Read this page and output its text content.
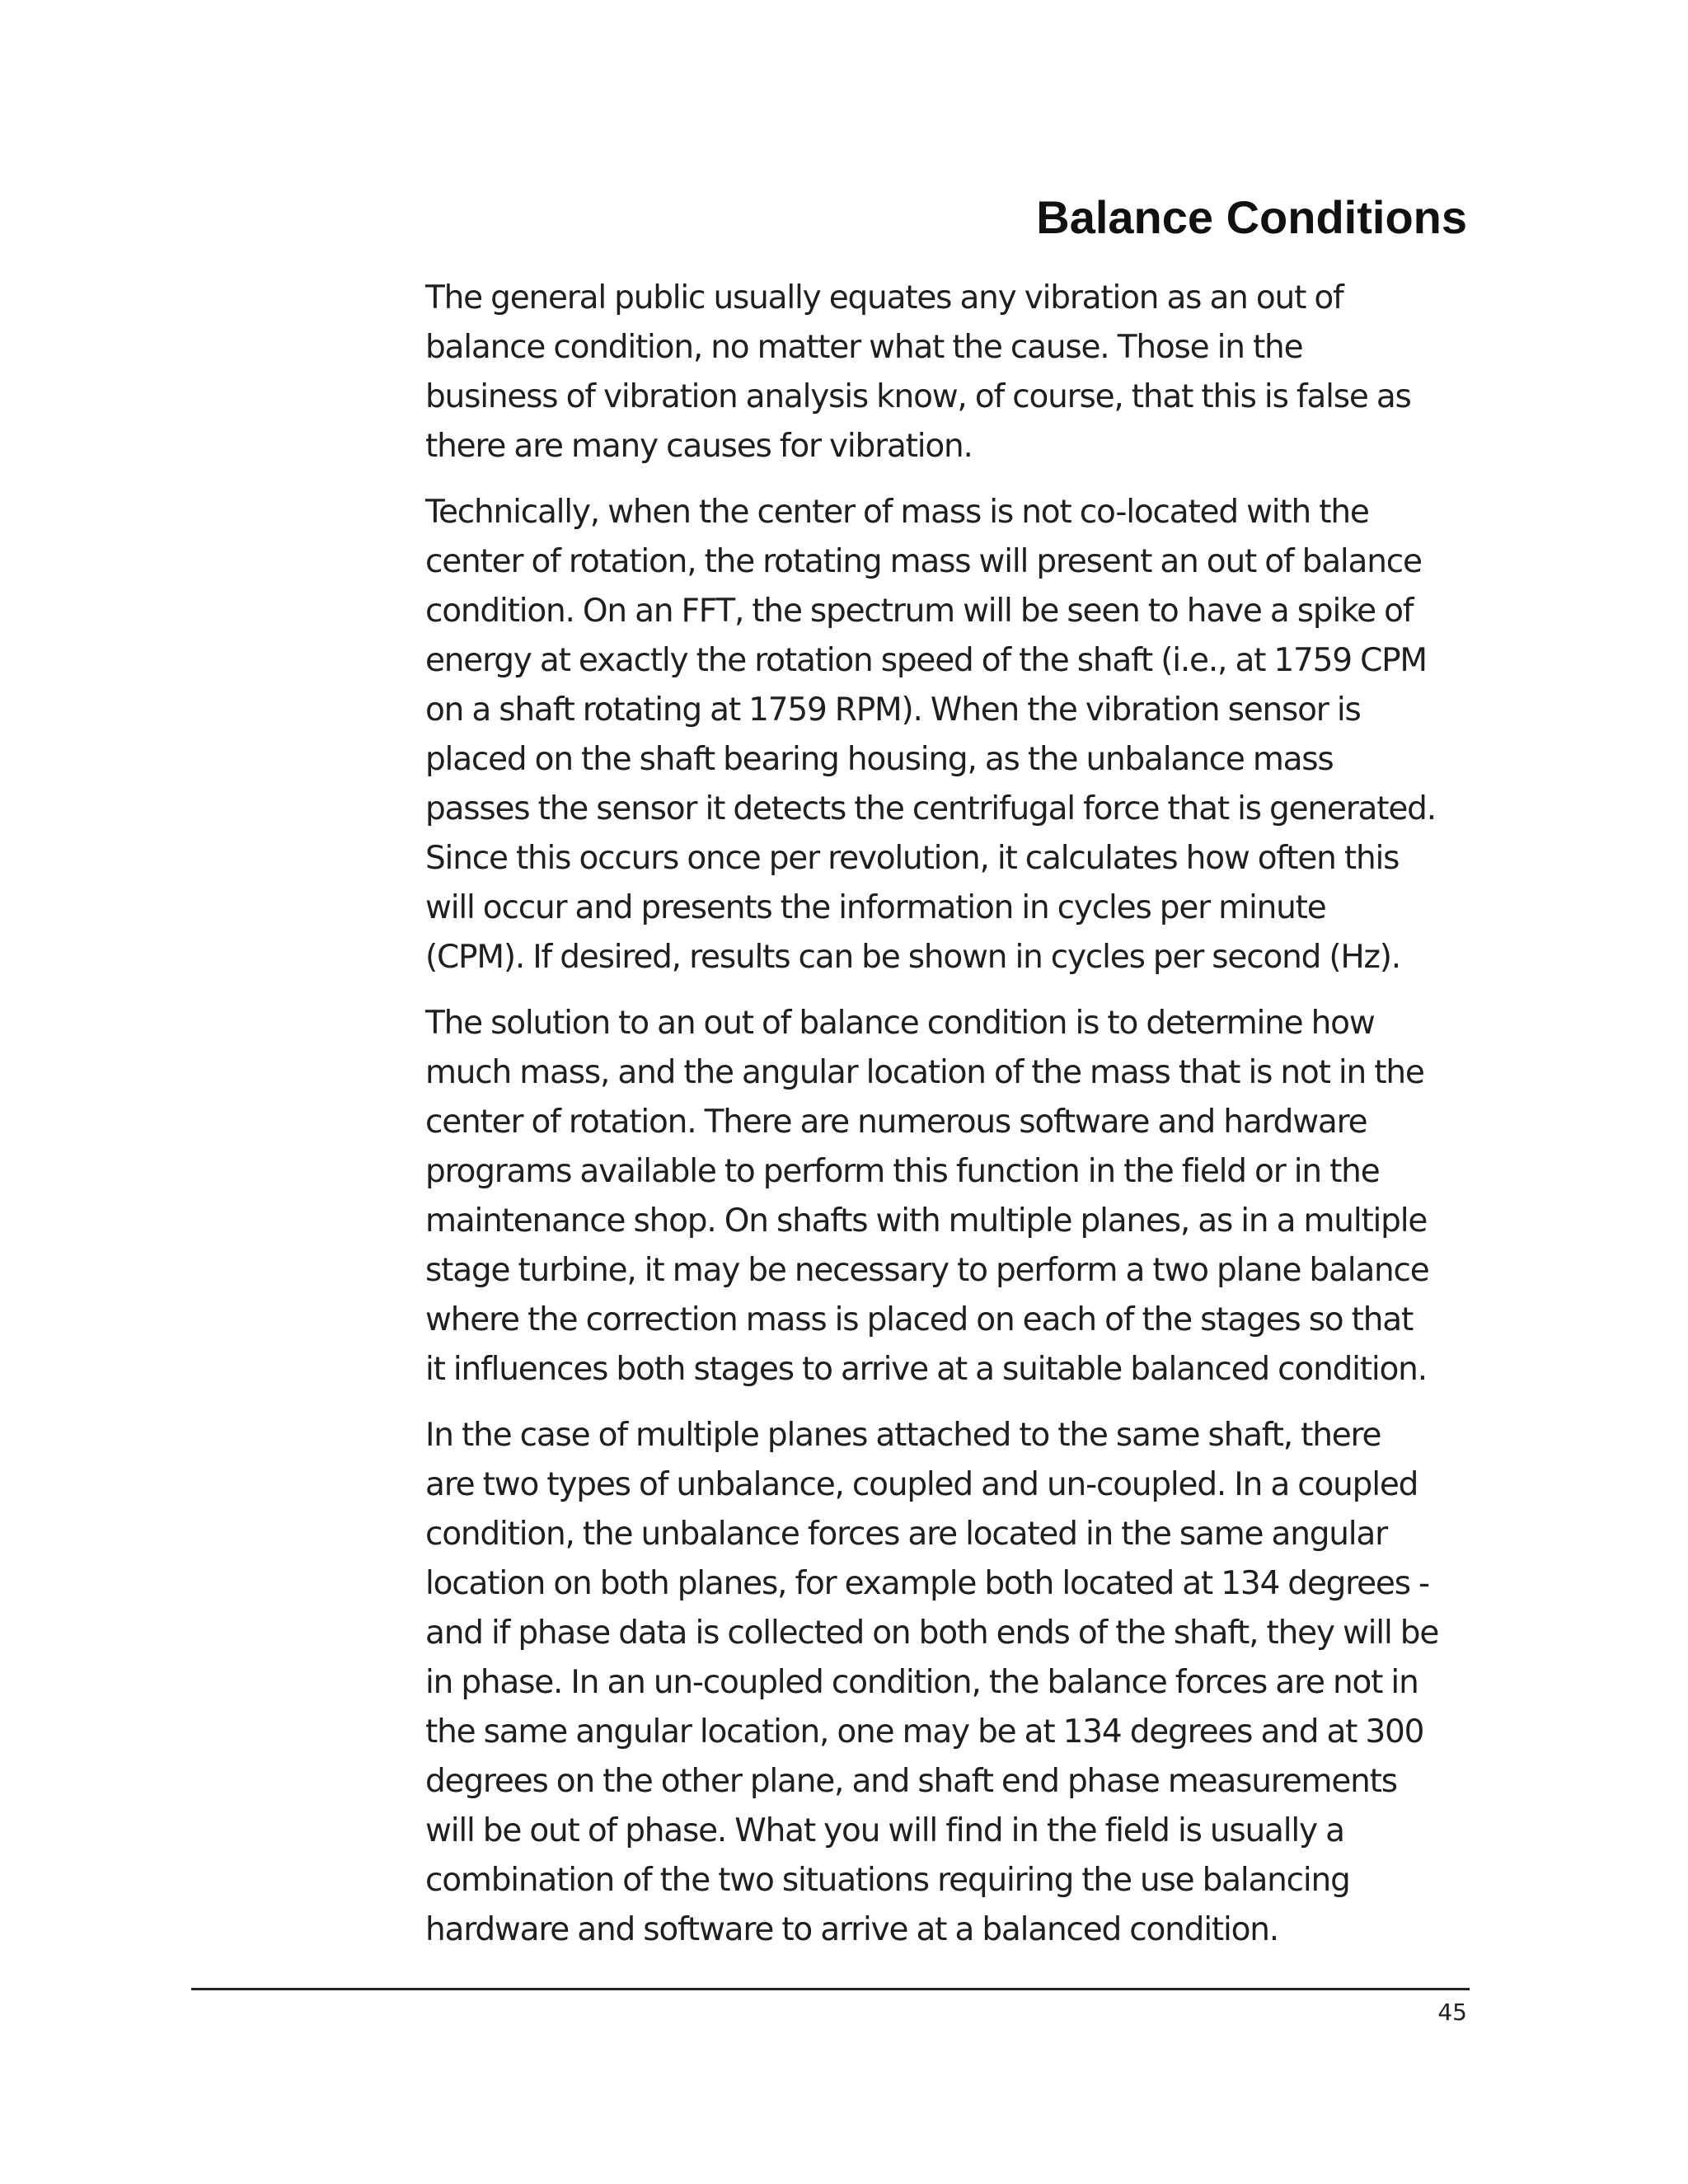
Balance Conditions

The general public usually equates any vibration as an out of
balance condition, no matter what the cause. Those in the
business of vibration analysis know, of course, that this is false as
there are many causes for vibration.

Technically, when the center of mass is not co-located with the
center of rotation, the rotating mass will present an out of balance
condition. On an FFT, the spectrum will be seen to have a spike of
energy at exactly the rotation speed of the shaft (i.e., at 1759 CPM
on a shaft rotating at 1759 RPM). When the vibration sensor is
placed on the shaft bearing housing, as the unbalance mass
passes the sensor it detects the centrifugal force that is generated.
Since this occurs once per revolution, it calculates how often this
will occur and presents the information in cycles per minute
(CPM). If desired, results can be shown in cycles per second (Hz).

The solution to an out of balance condition is to determine how
much mass, and the angular location of the mass that is not in the
center of rotation. There are numerous software and hardware
programs available to perform this function in the field or in the
maintenance shop. On shafts with multiple planes, as in a multiple
stage turbine, it may be necessary to perform a two plane balance
where the correction mass is placed on each of the stages so that
it influences both stages to arrive at a suitable balanced condition.

In the case of multiple planes attached to the same shaft, there
are two types of unbalance, coupled and un-coupled. In a coupled
condition, the unbalance forces are located in the same angular
location on both planes, for example both located at 134 degrees -
and if phase data is collected on both ends of the shaft, they will be
in phase. In an un-coupled condition, the balance forces are not in
the same angular location, one may be at 134 degrees and at 300
degrees on the other plane, and shaft end phase measurements
will be out of phase. What you will find in the field is usually a
combination of the two situations requiring the use balancing
hardware and software to arrive at a balanced condition.

45
